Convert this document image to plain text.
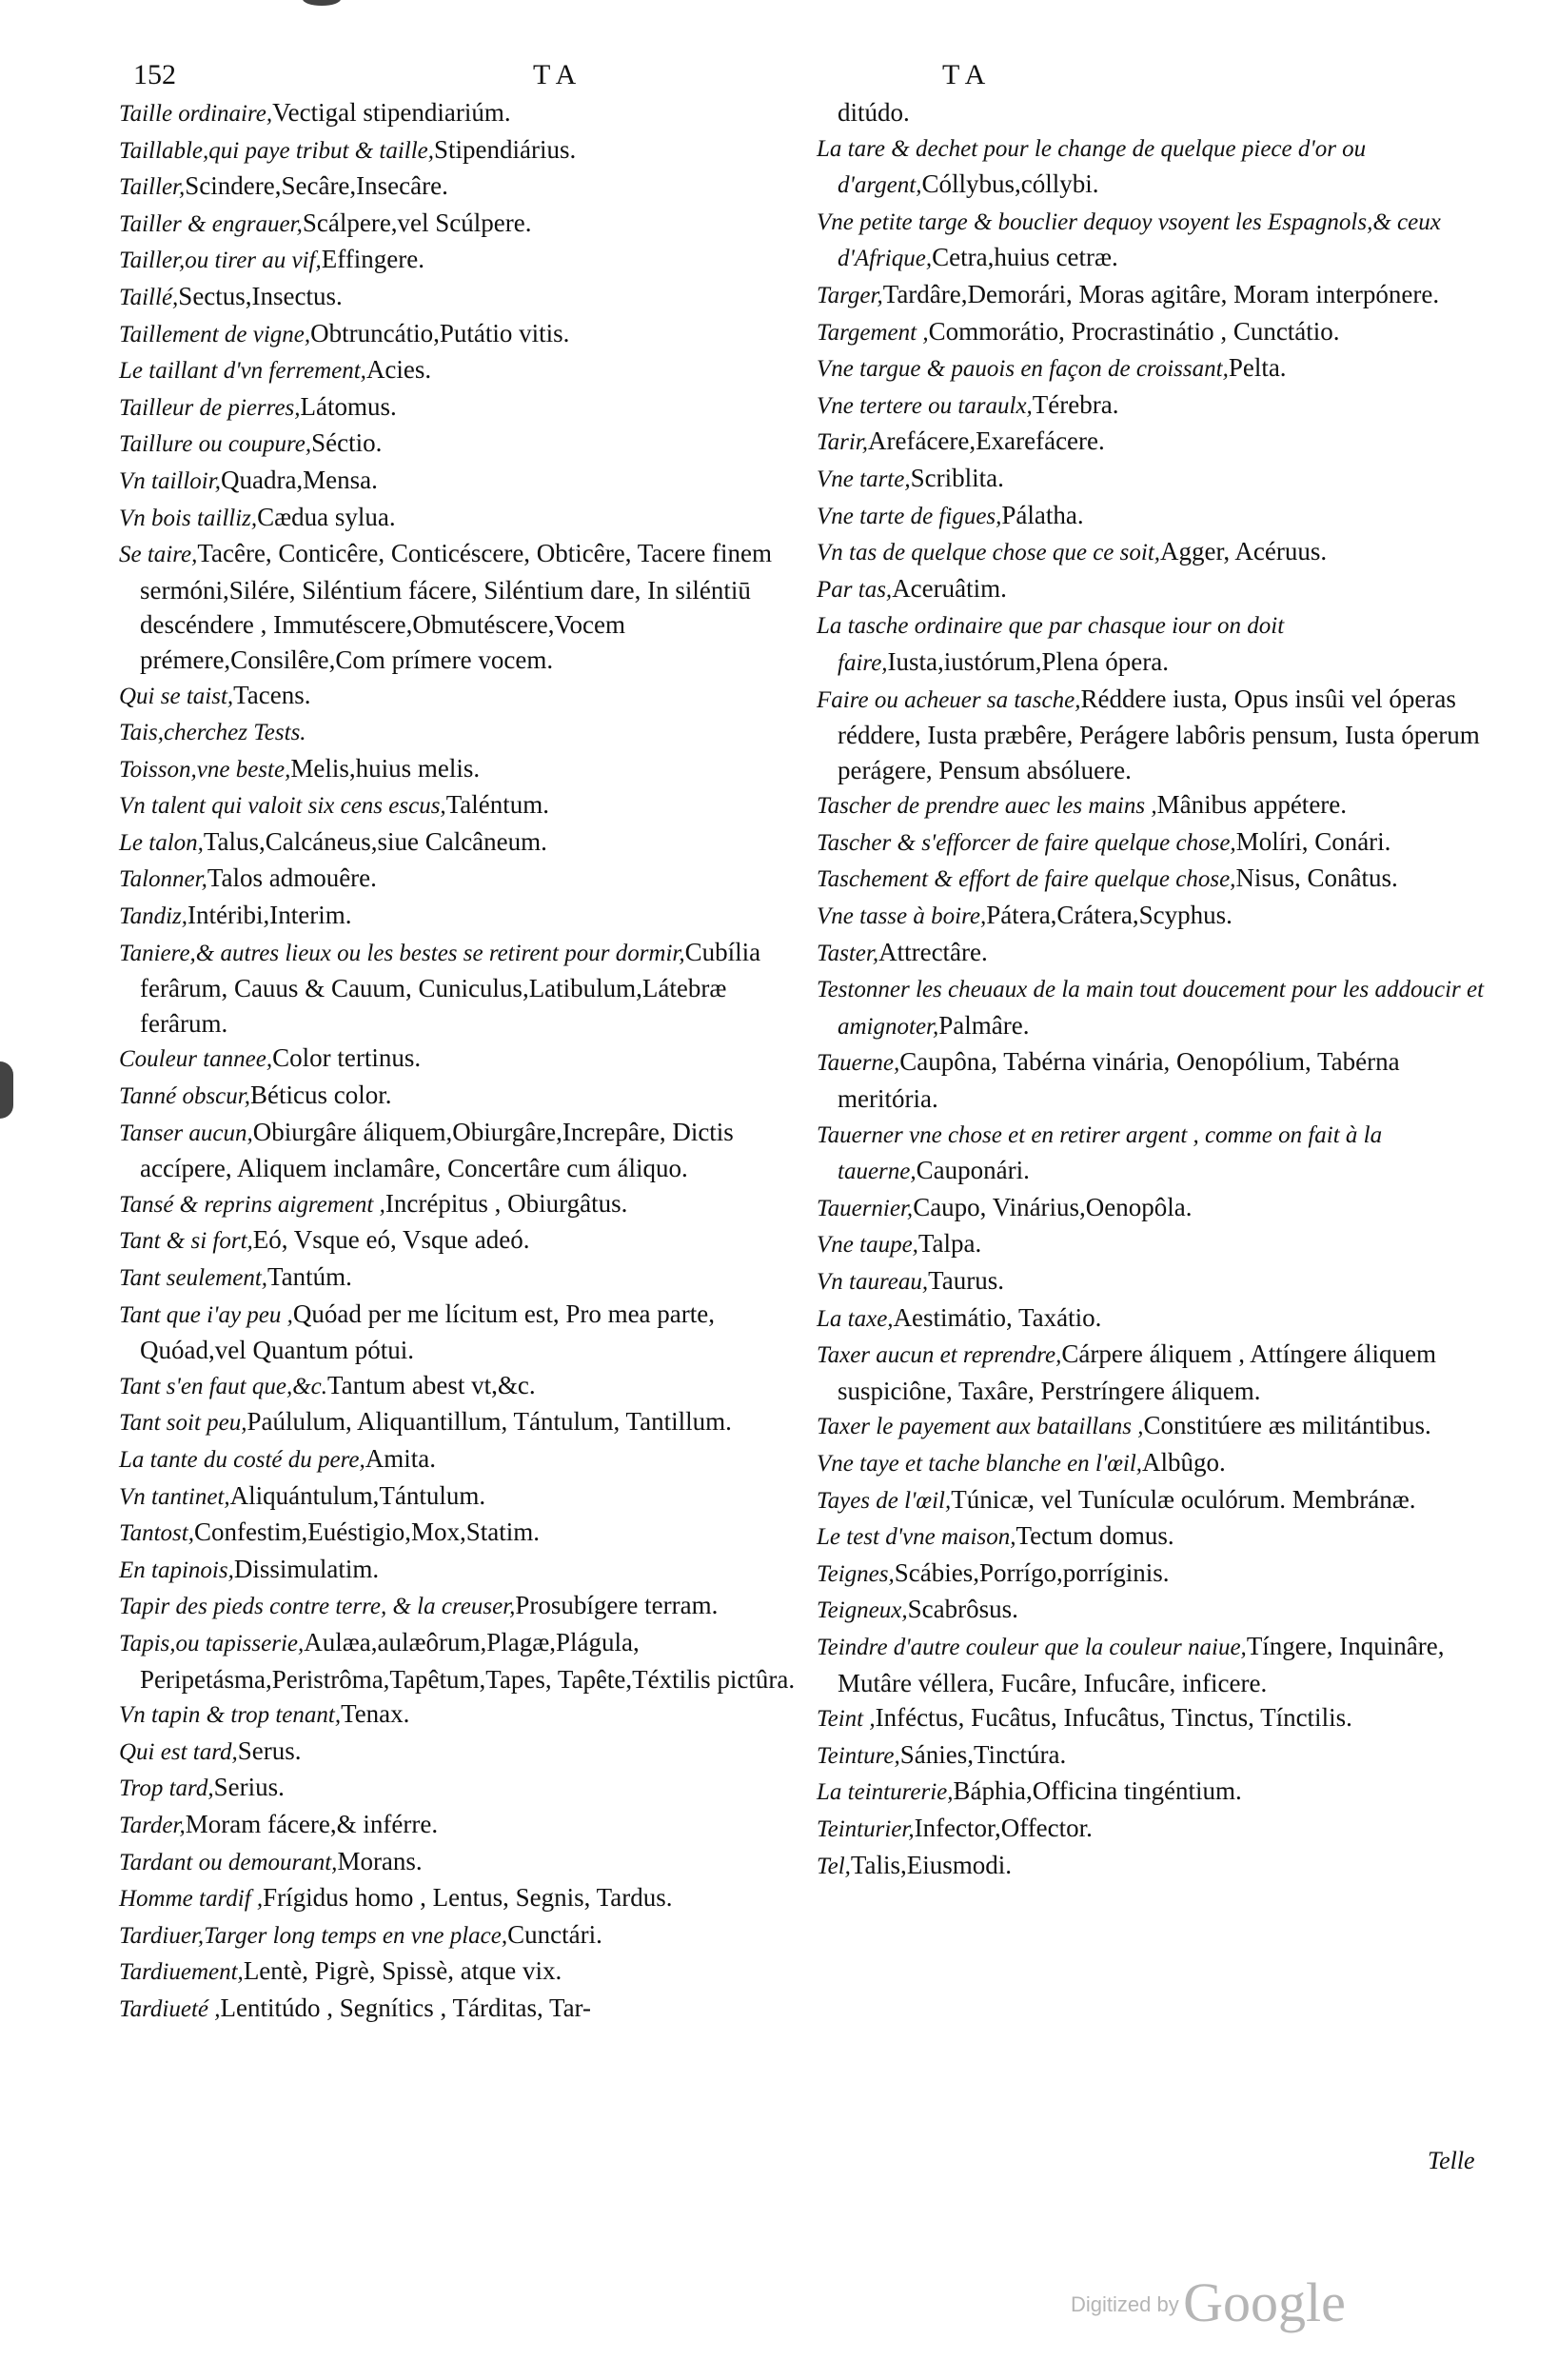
152	T A	T A

Taille ordinaire,Vectigal stipendiariúm.

Taillable,qui paye tribut & taille,Stipendiárius.

Tailler,Scindere,Secâre,Insecâre.

Tailler & engrauer,Scálpere,vel Scúlpere.

Tailler,ou tirer au vif,Effingere.

Taillé,Sectus,Insectus.

Taillement de vigne,Obtruncátio,Putátio vitis.

Le taillant d'vn ferrement,Acies.

Tailleur de pierres,Látomus.

Taillure ou coupure,Séctio.

Vn tailloir,Quadra,Mensa.

Vn bois tailliz,Cædua sylua.

Se taire,Tacêre, Conticêre, Conticéscere, Obticêre, Tacere finem sermóni,Silére, Siléntium fácere, Siléntium dare, In siléntiū descéndere , Immutéscere,Obmutéscere,Vocem prémere,Consilêre,Com prímere vocem.

Qui se taist,Tacens.

Tais,cherchez Tests.

Toisson,vne beste,Melis,huius melis.

Vn talent qui valoit six cens escus,Taléntum.

Le talon,Talus,Calcáneus,siue Calcâneum.

Talonner,Talos admouêre.

Tandiz,Intéribi,Interim.

Taniere,& autres lieux ou les bestes se retirent pour dormir,Cubília ferârum, Cauus & Cauum, Cuniculus,Latibulum,Látebræ ferârum.

Couleur tannee,Color tertinus.

Tanné obscur,Béticus color.

Tanser aucun,Obiurgâre áliquem,Obiurgâre,Increpâre, Dictis accípere, Aliquem inclamâre, Concertâre cum áliquo.

Tansé & reprins aigrement ,Incrépitus , Obiurgâtus.

Tant & si fort,Eó, Vsque eó, Vsque adeó.

Tant seulement,Tantúm.

Tant que i'ay peu ,Quóad per me lícitum est, Pro mea parte, Quóad,vel Quantum pótui.

Tant s'en faut que,&c.Tantum abest vt,&c.

Tant soit peu,Paúlulum, Aliquantillum, Tántulum, Tantillum.

La tante du costé du pere,Amita.

Vn tantinet,Aliquántulum,Tántulum.

Tantost,Confestim,Euéstigio,Mox,Statim.

En tapinois,Dissimulatim.

Tapir des pieds contre terre, & la creuser,Prosubígere terram.

Tapis,ou tapisserie,Aulæa,aulæôrum,Plagæ,Plágula, Peripetásma,Peristrôma,Tapêtum,Tapes, Tapête,Téxtilis pictûra.

Vn tapin & trop tenant,Tenax.

Qui est tard,Serus.

Trop tard,Serius.

Tarder,Moram fácere,& inférre.

Tardant ou demourant,Morans.

Homme tardif ,Frígidus homo , Lentus, Segnis, Tardus.

Tardiuer,Targer long temps en vne place,Cunctári.

Tardiuement,Lentè, Pigrè, Spissè, atque vix.

Tardiueté ,Lentitúdo , Segnítics , Tárditas, Tar-

ditúdo.

La tare & dechet pour le change de quelque piece d'or ou d'argent,Cóllybus,cóllybi.

Vne petite targe & bouclier dequoy vsoyent les Espagnols,& ceux d'Afrique,Cetra,huius cetræ.

Targer,Tardâre,Demorári, Moras agitâre, Moram interpónere.

Targement ,Commorátio, Procrastinátio , Cunctátio.

Vne targue & pauois en façon de croissant,Pelta.

Vne tertere ou taraulx,Térebra.

Tarir,Arefácere,Exarefácere.

Vne tarte,Scriblita.

Vne tarte de figues,Pálatha.

Vn tas de quelque chose que ce soit,Agger, Acéruus.

Par tas,Aceruâtim.

La tasche ordinaire que par chasque iour on doit faire,Iusta,iustórum,Plena ópera.

Faire ou acheuer sa tasche,Réddere iusta, Opus insûi vel óperas réddere, Iusta præbêre, Perágere labôris pensum, Iusta óperum perágere, Pensum absóluere.

Tascher de prendre auec les mains ,Mânibus appétere.

Tascher & s'efforcer de faire quelque chose,Molíri, Conári.

Taschement & effort de faire quelque chose,Nisus, Conâtus.

Vne tasse à boire,Pátera,Crátera,Scyphus.

Taster,Attrectâre.

Testonner les cheuaux de la main tout doucement pour les addoucir et amignoter,Palmâre.

Tauerne,Caupôna, Tabérna vinária, Oenopólium, Tabérna meritória.

Tauerner vne chose et en retirer argent , comme on fait à la tauerne,Cauponári.

Tauernier,Caupo, Vinárius,Oenopôla.

Vne taupe,Talpa.

Vn taureau,Taurus.

La taxe,Aestimátio, Taxátio.

Taxer aucun et reprendre,Cárpere áliquem , Attíngere áliquem suspiciône, Taxâre, Perstríngere áliquem.

Taxer le payement aux bataillans ,Constitúere æs militántibus.

Vne taye et tache blanche en l'œil,Albûgo.

Tayes de l'œil,Túnicæ, vel Tunículæ oculórum. Membránæ.

Le test d'vne maison,Tectum domus.

Teignes,Scábies,Porrígo,porríginis.

Teigneux,Scabrôsus.

Teindre d'autre couleur que la couleur naiue,Tíngere, Inquinâre, Mutâre véllera, Fucâre, Infucâre, inficere.

Teint ,Inféctus, Fucâtus, Infucâtus, Tinctus, Tínctilis.

Teinture,Sánies,Tinctúra.

La teinturerie,Báphia,Officina tingéntium.

Teinturier,Infector,Offector.

Tel,Talis,Eiusmodi.

Telle
Digitized by Google
